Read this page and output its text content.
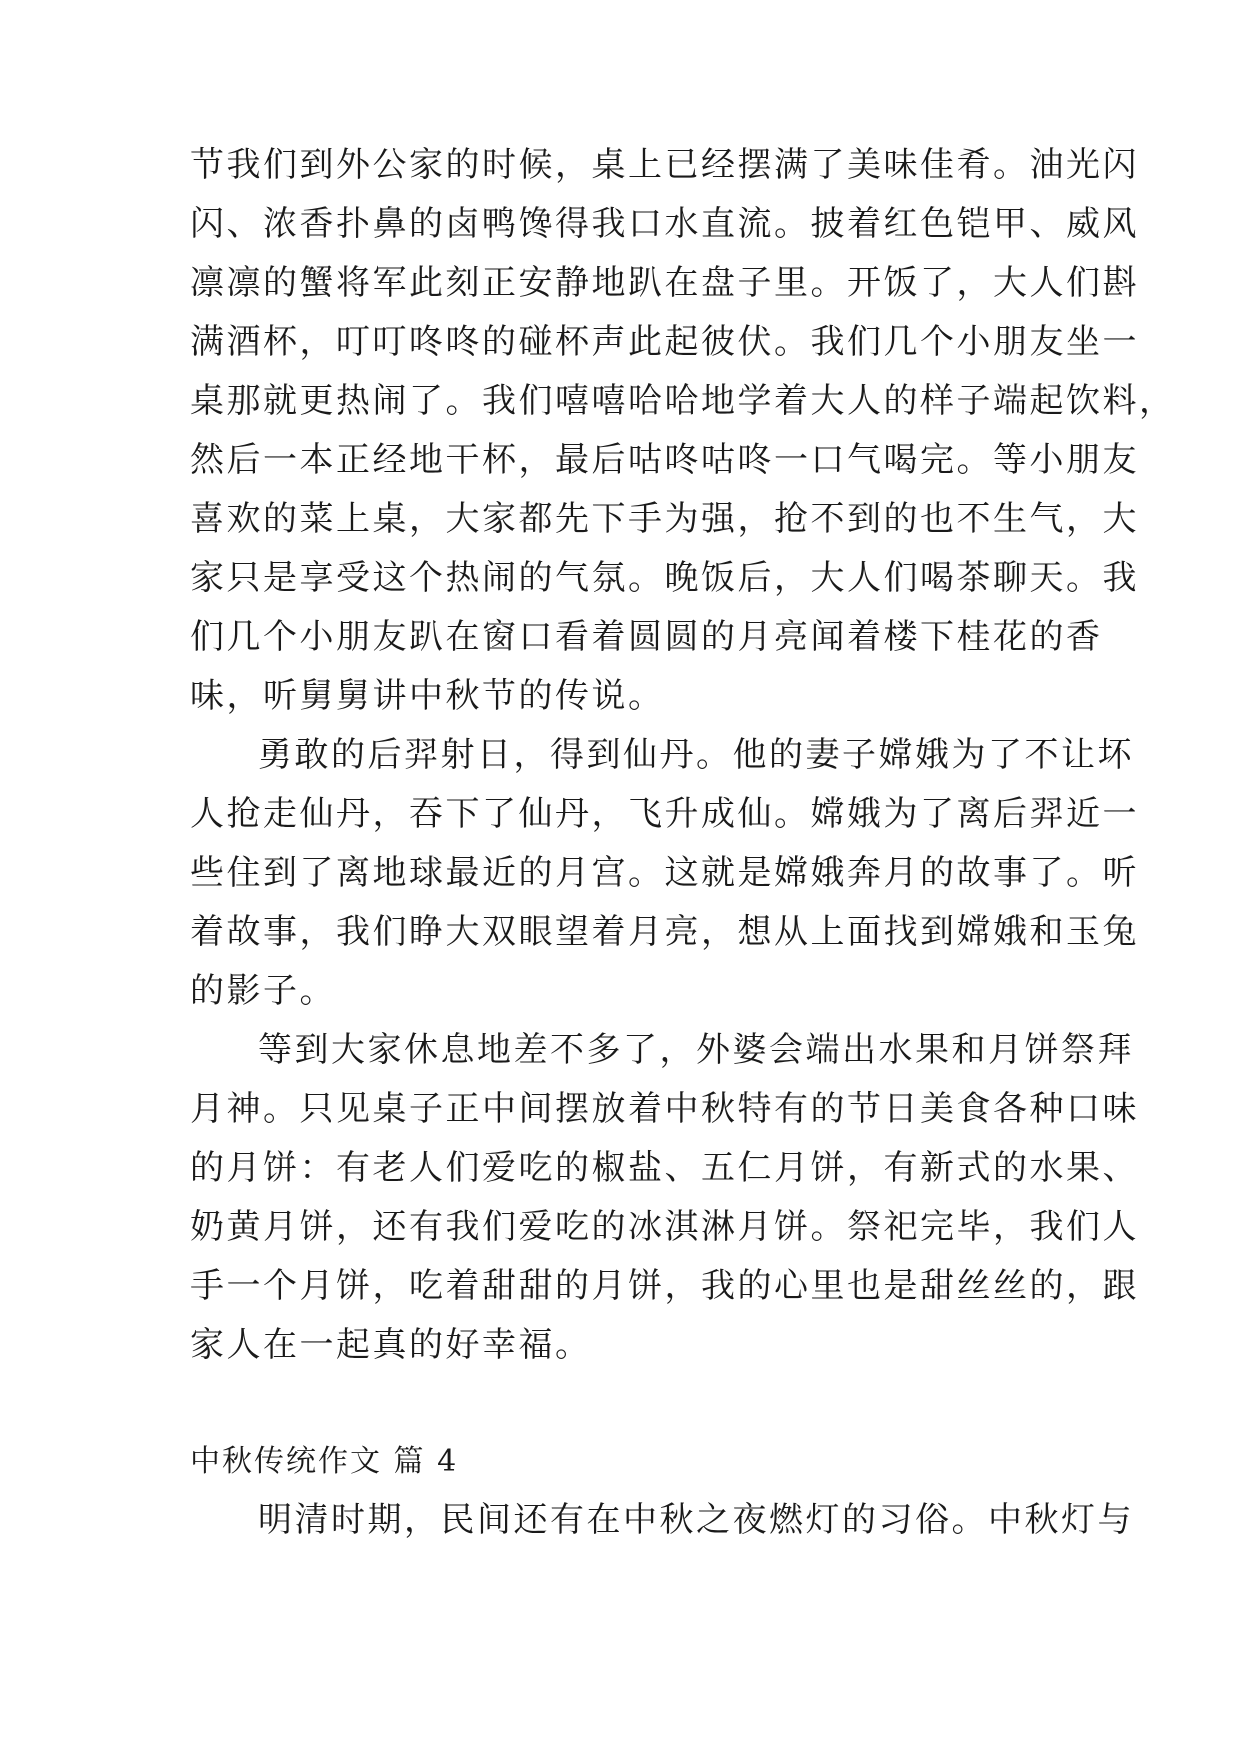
节我们到外公家的时候，桌上已经摆满了美味佳肴。油光闪
闪、浓香扑鼻的卤鸭馋得我口水直流。披着红色铠甲、威风
凛凛的蟹将军此刻正安静地趴在盘子里。开饭了，大人们斟
满酒杯，叮叮咚咚的碰杯声此起彼伏。我们几个小朋友坐一
桌那就更热闹了。我们嘻嘻哈哈地学着大人的样子端起饮料，
然后一本正经地干杯，最后咕咚咕咚一口气喝完。等小朋友
喜欢的菜上桌，大家都先下手为强，抢不到的也不生气，大
家只是享受这个热闹的气氛。晚饭后，大人们喝茶聊天。我
们几个小朋友趴在窗口看着圆圆的月亮闻着楼下桂花的香
味，听舅舅讲中秋节的传说。
勇敢的后羿射日，得到仙丹。他的妻子嫦娥为了不让坏
人抢走仙丹，吞下了仙丹，飞升成仙。嫦娥为了离后羿近一
些住到了离地球最近的月宫。这就是嫦娥奔月的故事了。听
着故事，我们睁大双眼望着月亮，想从上面找到嫦娥和玉兔
的影子。
等到大家休息地差不多了，外婆会端出水果和月饼祭拜
月神。只见桌子正中间摆放着中秋特有的节日美食各种口味
的月饼：有老人们爱吃的椒盐、五仁月饼，有新式的水果、
奶黄月饼，还有我们爱吃的冰淇淋月饼。祭祀完毕，我们人
手一个月饼，吃着甜甜的月饼，我的心里也是甜丝丝的，跟
家人在一起真的好幸福。
中秋传统作文 篇 4
明清时期，民间还有在中秋之夜燃灯的习俗。中秋灯与
